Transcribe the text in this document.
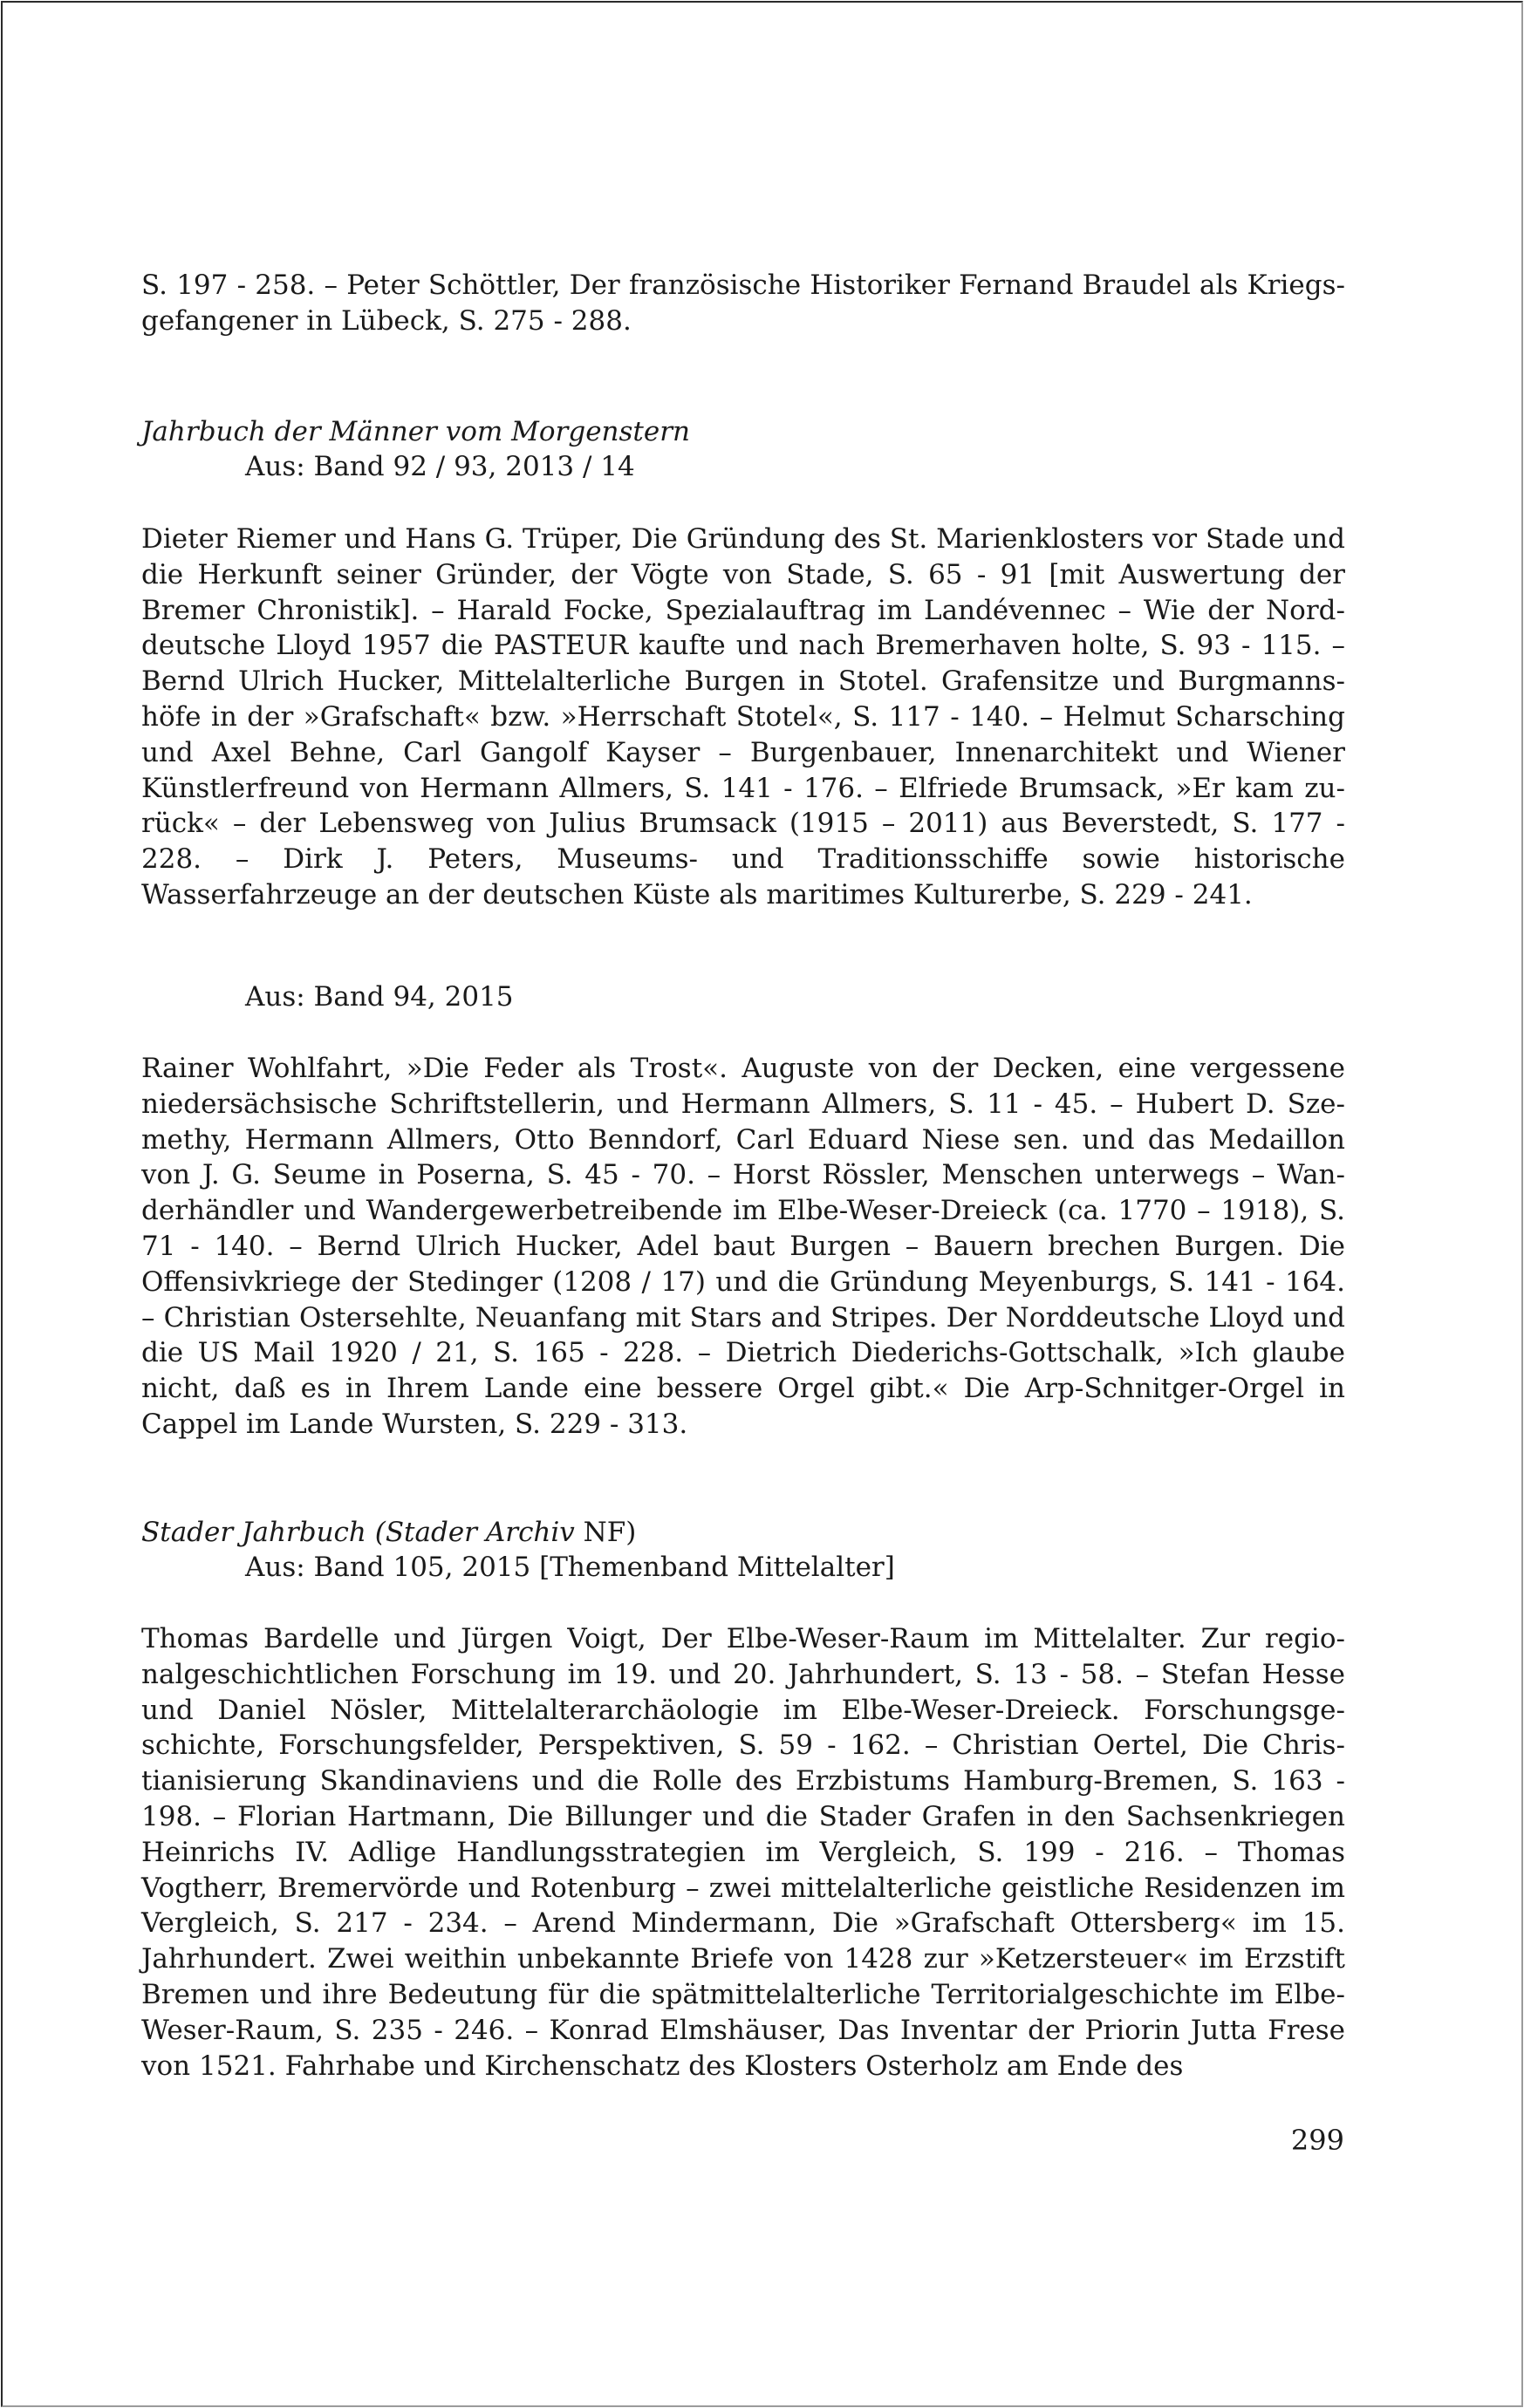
S. 197 - 258. – Peter Schöttler, Der französische Historiker Fernand Braudel als Kriegsgefangener in Lübeck, S. 275 - 288.
Jahrbuch der Männer vom Morgenstern
Aus: Band 92 / 93, 2013 / 14
Dieter Riemer und Hans G. Trüper, Die Gründung des St. Marienklosters vor Stade und die Herkunft seiner Gründer, der Vögte von Stade, S. 65 - 91 [mit Auswertung der Bremer Chronistik]. – Harald Focke, Spezialauftrag im Landévennec – Wie der Norddeutsche Lloyd 1957 die PASTEUR kaufte und nach Bremerhaven holte, S. 93 - 115. – Bernd Ulrich Hucker, Mittelalterliche Burgen in Stotel. Grafensitze und Burgmannshöfe in der »Grafschaft« bzw. »Herrschaft Stotel«, S. 117 - 140. – Helmut Scharsching und Axel Behne, Carl Gangolf Kayser – Burgenbauer, Innenarchitekt und Wiener Künstlerfreund von Hermann Allmers, S. 141 - 176. – Elfriede Brumsack, »Er kam zurück« – der Lebensweg von Julius Brumsack (1915 – 2011) aus Beverstedt, S. 177 - 228. – Dirk J. Peters, Museums- und Traditionsschiffe sowie historische Wasserfahrzeuge an der deutschen Küste als maritimes Kulturerbe, S. 229 - 241.
Aus: Band 94, 2015
Rainer Wohlfahrt, »Die Feder als Trost«. Auguste von der Decken, eine vergessene niedersächsische Schriftstellerin, und Hermann Allmers, S. 11 - 45. – Hubert D. Szemethy, Hermann Allmers, Otto Benndorf, Carl Eduard Niese sen. und das Medaillon von J. G. Seume in Poserna, S. 45 - 70. – Horst Rössler, Menschen unterwegs – Wanderhändler und Wandergewerbetreibende im Elbe-Weser-Dreieck (ca. 1770 – 1918), S. 71 - 140. – Bernd Ulrich Hucker, Adel baut Burgen – Bauern brechen Burgen. Die Offensivkriege der Stedinger (1208 / 17) und die Gründung Meyenburgs, S. 141 - 164. – Christian Ostersehlte, Neuanfang mit Stars and Stripes. Der Norddeutsche Lloyd und die US Mail 1920 / 21, S. 165 - 228. – Dietrich Diederichs-Gottschalk, »Ich glaube nicht, daß es in Ihrem Lande eine bessere Orgel gibt.« Die Arp-Schnitger-Orgel in Cappel im Lande Wursten, S. 229 - 313.
Stader Jahrbuch (Stader Archiv NF)
Aus: Band 105, 2015 [Themenband Mittelalter]
Thomas Bardelle und Jürgen Voigt, Der Elbe-Weser-Raum im Mittelalter. Zur regionalgeschichtlichen Forschung im 19. und 20. Jahrhundert, S. 13 - 58. – Stefan Hesse und Daniel Nösler, Mittelalterarchäologie im Elbe-Weser-Dreieck. Forschungsgeschichte, Forschungsfelder, Perspektiven, S. 59 - 162. – Christian Oertel, Die Christianisierung Skandinaviens und die Rolle des Erzbistums Hamburg-Bremen, S. 163 - 198. – Florian Hartmann, Die Billunger und die Stader Grafen in den Sachsenkriegen Heinrichs IV. Adlige Handlungsstrategien im Vergleich, S. 199 - 216. – Thomas Vogtherr, Bremervörde und Rotenburg – zwei mittelalterliche geistliche Residenzen im Vergleich, S. 217 - 234. – Arend Mindermann, Die »Grafschaft Ottersberg« im 15. Jahrhundert. Zwei weithin unbekannte Briefe von 1428 zur »Ketzersteuer« im Erzstift Bremen und ihre Bedeutung für die spätmittelalterliche Territorialgeschichte im Elbe-Weser-Raum, S. 235 - 246. – Konrad Elmshäuser, Das Inventar der Priorin Jutta Frese von 1521. Fahrhabe und Kirchenschatz des Klosters Osterholz am Ende des
299
